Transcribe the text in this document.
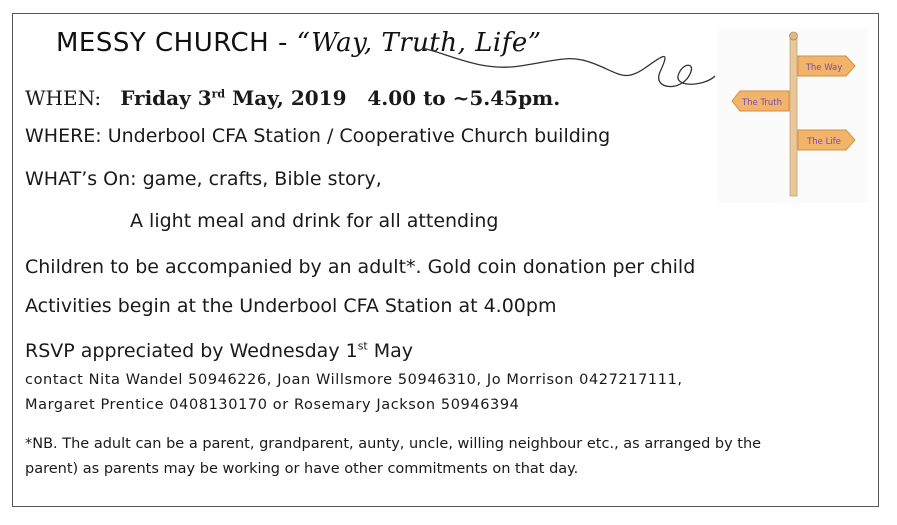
MESSY CHURCH - “Way, Truth, Life”
WHEN: Friday 3rd May, 2019 4.00 to ~5.45pm.
WHERE: Underbool CFA Station / Cooperative Church building
WHAT’s On: game, crafts, Bible story,
A light meal and drink for all attending
Children to be accompanied by an adult*. Gold coin donation per child
Activities begin at the Underbool CFA Station at 4.00pm
RSVP appreciated by Wednesday 1st May
contact Nita Wandel 50946226, Joan Willsmore 50946310, Jo Morrison 0427217111,
Margaret Prentice 0408130170 or Rosemary Jackson 50946394
*NB. The adult can be a parent, grandparent, aunty, uncle, willing neighbour etc., as arranged by the
parent) as parents may be working or have other commitments on that day.
The Way
The Truth
The Life
